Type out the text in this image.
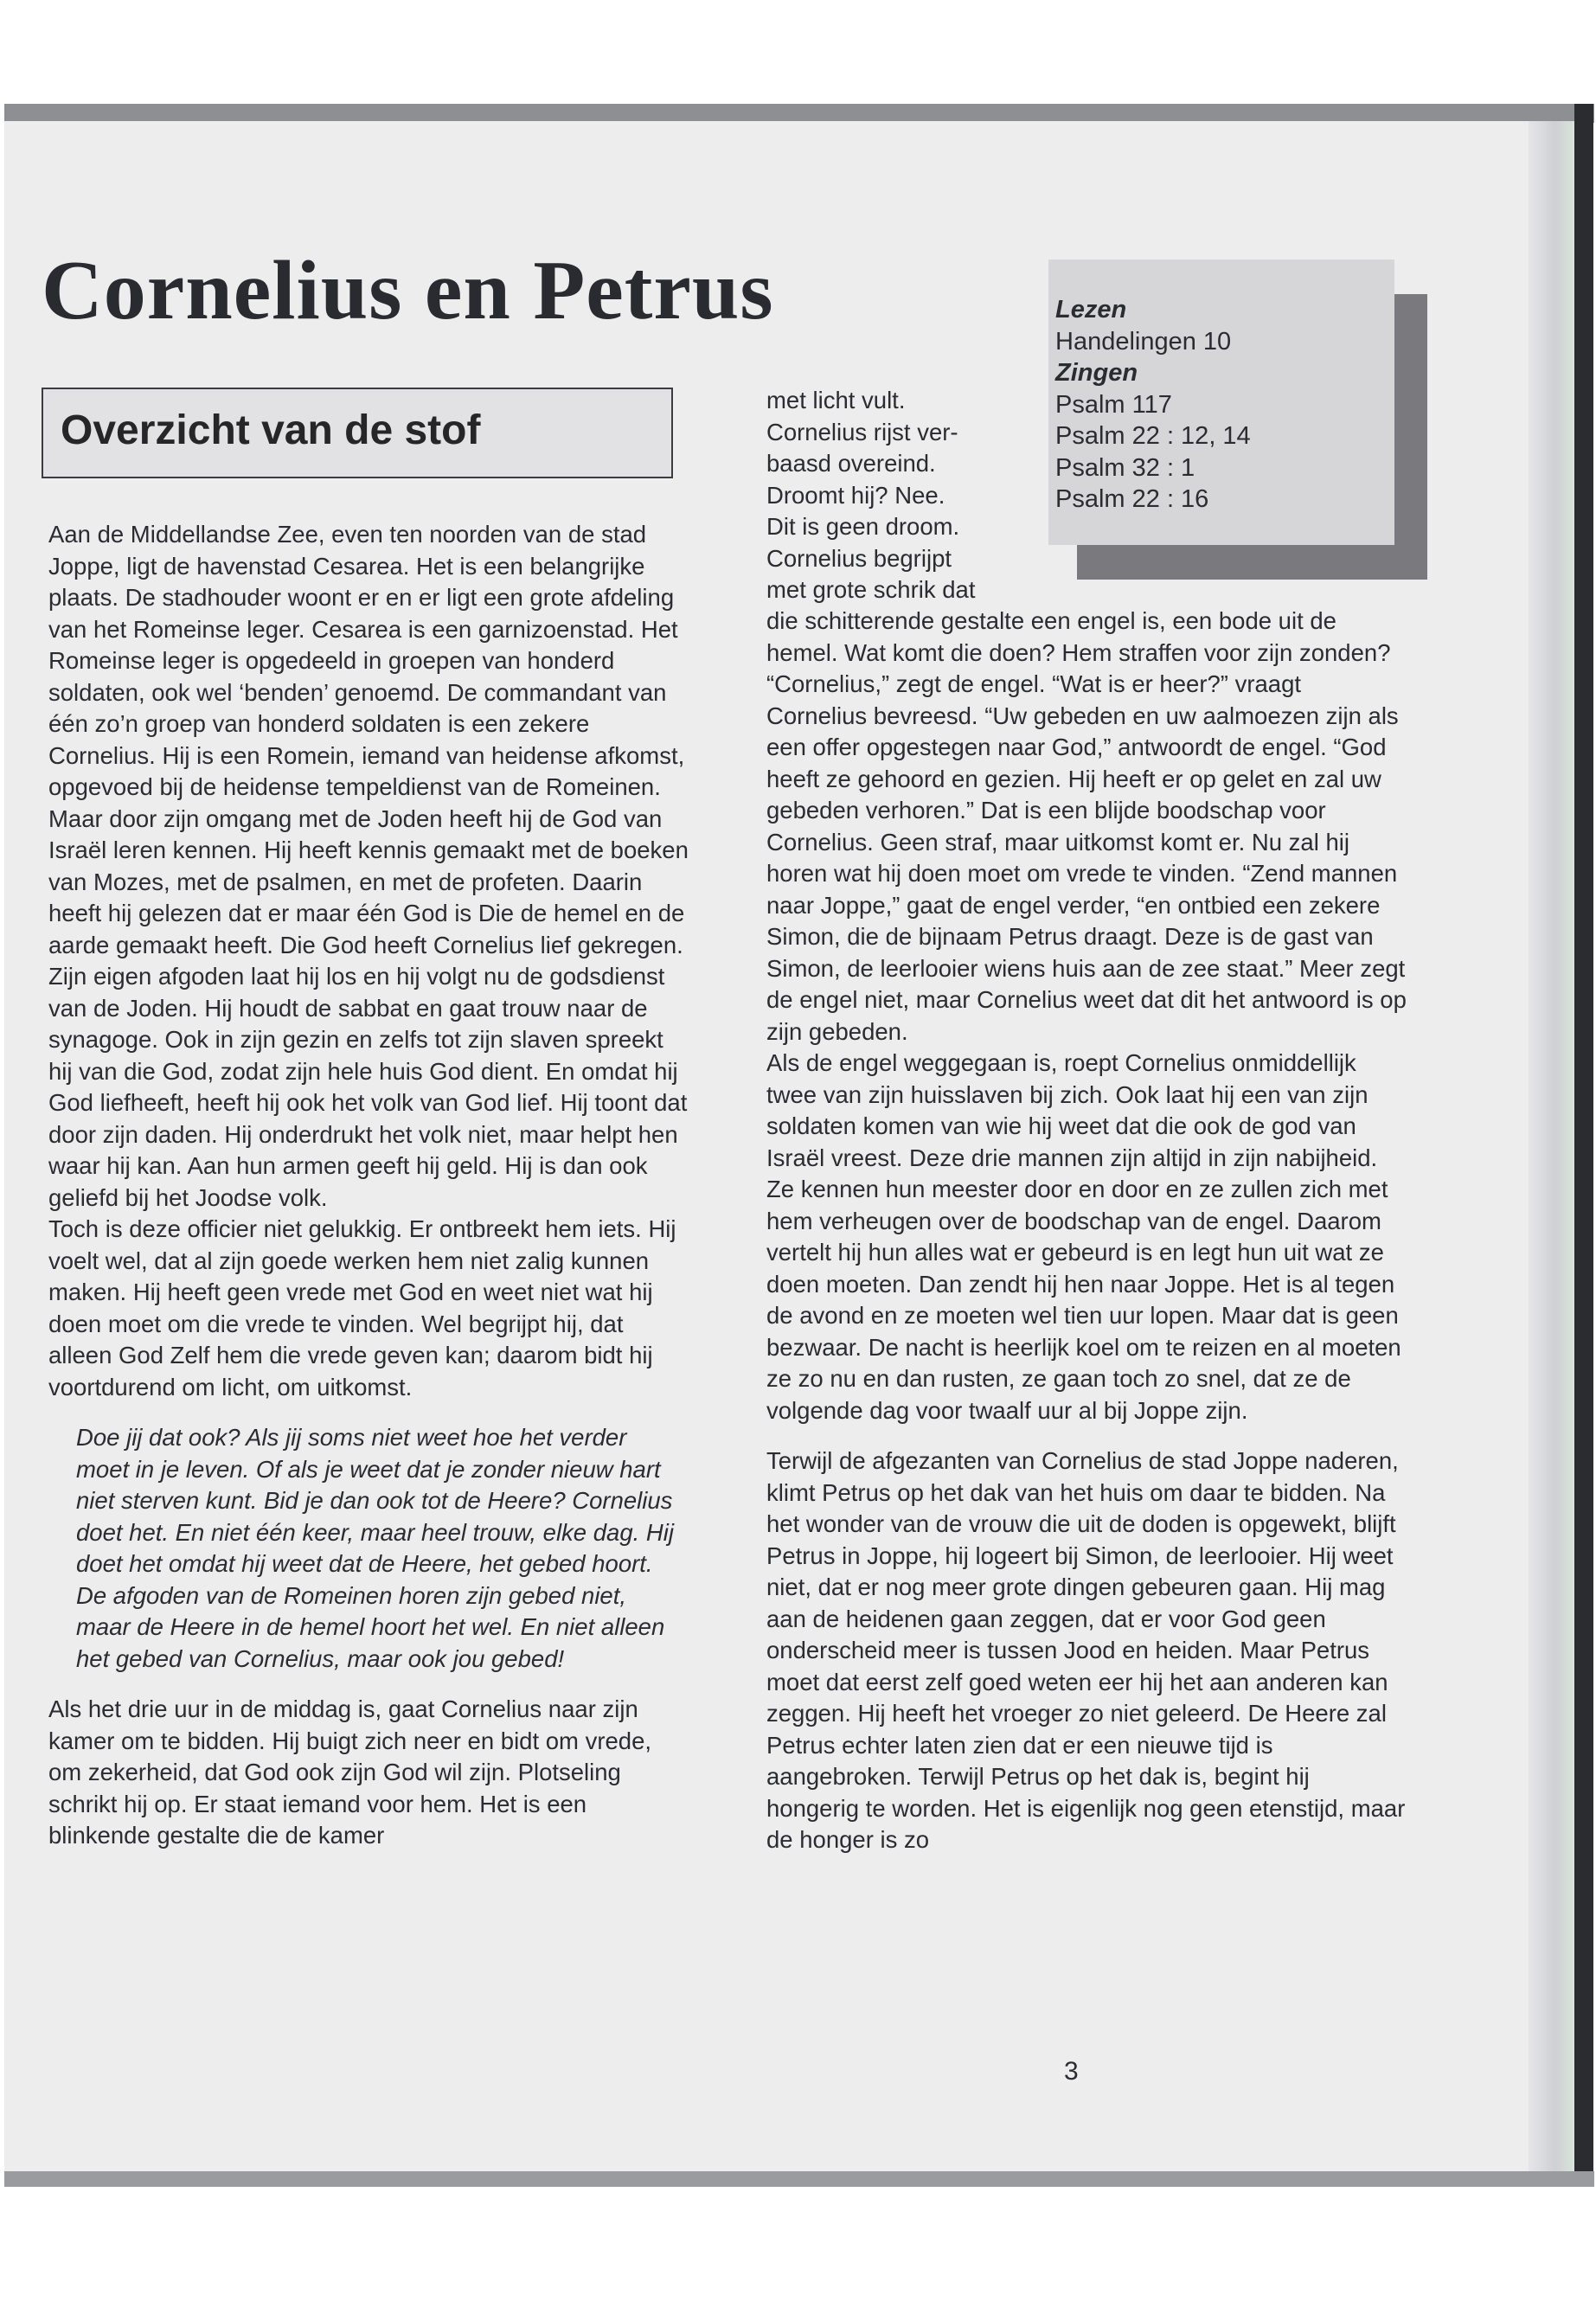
Cornelius en Petrus
Overzicht van de stof

Aan de Middellandse Zee, even ten noorden van de stad Joppe, ligt de havenstad Cesarea. Het is een belangrijke plaats. De stadhouder woont er en er ligt een grote afdeling van het Romeinse leger. Cesarea is een garnizoenstad. Het Romeinse leger is opgedeeld in groepen van honderd soldaten, ook wel ‘benden’ genoemd. De commandant van één zo’n groep van honderd soldaten is een zekere Cornelius. Hij is een Romein, iemand van heidense afkomst, opgevoed bij de heidense tempeldienst van de Romeinen. Maar door zijn omgang met de Joden heeft hij de God van Israël leren kennen. Hij heeft kennis gemaakt met de boeken van Mozes, met de psalmen, en met de profeten. Daarin heeft hij gelezen dat er maar één God is Die de hemel en de aarde gemaakt heeft. Die God heeft Cornelius lief gekregen. Zijn eigen afgoden laat hij los en hij volgt nu de godsdienst van de Joden. Hij houdt de sabbat en gaat trouw naar de synagoge. Ook in zijn gezin en zelfs tot zijn slaven spreekt hij van die God, zodat zijn hele huis God dient. En omdat hij God liefheeft, heeft hij ook het volk van God lief. Hij toont dat door zijn daden. Hij onderdrukt het volk niet, maar helpt hen waar hij kan. Aan hun armen geeft hij geld. Hij is dan ook geliefd bij het Joodse volk.

Toch is deze officier niet gelukkig. Er ontbreekt hem iets. Hij voelt wel, dat al zijn goede werken hem niet zalig kunnen maken. Hij heeft geen vrede met God en weet niet wat hij doen moet om die vrede te vinden. Wel begrijpt hij, dat alleen God Zelf hem die vrede geven kan; daarom bidt hij voortdurend om licht, om uitkomst.

Doe jij dat ook? Als jij soms niet weet hoe het verder moet in je leven. Of als je weet dat je zonder nieuw hart niet sterven kunt. Bid je dan ook tot de Heere? Cornelius doet het. En niet één keer, maar heel trouw, elke dag. Hij doet het omdat hij weet dat de Heere, het gebed hoort. De afgoden van de Romeinen horen zijn gebed niet, maar de Heere in de hemel hoort het wel. En niet alleen het gebed van Cornelius, maar ook jou gebed!

Als het drie uur in de middag is, gaat Cornelius naar zijn kamer om te bidden. Hij buigt zich neer en bidt om vrede, om zekerheid, dat God ook zijn God wil zijn. Plotseling schrikt hij op. Er staat iemand voor hem. Het is een blinkende gestalte die de kamer

Lezen
Handelingen 10
Zingen
Psalm 117
Psalm 22 : 12, 14
Psalm 32 : 1
Psalm 22 : 16

met licht vult.

Cornelius rijst ver-

baasd overeind.

Droomt hij? Nee.

Dit is geen droom.

Cornelius begrijpt

met grote schrik dat

die schitterende gestalte een engel is, een bode uit de hemel. Wat komt die doen? Hem straffen voor zijn zonden?

“Cornelius,” zegt de engel. “Wat is er heer?” vraagt Cornelius bevreesd. “Uw gebeden en uw aalmoezen zijn als een offer opgestegen naar God,” antwoordt de engel. “God heeft ze gehoord en gezien. Hij heeft er op gelet en zal uw gebeden verhoren.” Dat is een blijde boodschap voor Cornelius. Geen straf, maar uitkomst komt er. Nu zal hij horen wat hij doen moet om vrede te vinden. “Zend mannen naar Joppe,” gaat de engel verder, “en ontbied een zekere Simon, die de bijnaam Petrus draagt. Deze is de gast van Simon, de leerlooier wiens huis aan de zee staat.” Meer zegt de engel niet, maar Cornelius weet dat dit het antwoord is op zijn gebeden.

Als de engel weggegaan is, roept Cornelius onmiddellijk twee van zijn huisslaven bij zich. Ook laat hij een van zijn soldaten komen van wie hij weet dat die ook de god van Israël vreest. Deze drie mannen zijn altijd in zijn nabijheid. Ze kennen hun meester door en door en ze zullen zich met hem verheugen over de boodschap van de engel. Daarom vertelt hij hun alles wat er gebeurd is en legt hun uit wat ze doen moeten. Dan zendt hij hen naar Joppe. Het is al tegen de avond en ze moeten wel tien uur lopen. Maar dat is geen bezwaar. De nacht is heerlijk koel om te reizen en al moeten ze zo nu en dan rusten, ze gaan toch zo snel, dat ze de volgende dag voor twaalf uur al bij Joppe zijn.

Terwijl de afgezanten van Cornelius de stad Joppe naderen, klimt Petrus op het dak van het huis om daar te bidden. Na het wonder van de vrouw die uit de doden is opgewekt, blijft Petrus in Joppe, hij logeert bij Simon, de leerlooier. Hij weet niet, dat er nog meer grote dingen gebeuren gaan. Hij mag aan de heidenen gaan zeggen, dat er voor God geen onderscheid meer is tussen Jood en heiden. Maar Petrus moet dat eerst zelf goed weten eer hij het aan anderen kan zeggen. Hij heeft het vroeger zo niet geleerd. De Heere zal Petrus echter laten zien dat er een nieuwe tijd is aangebroken. Terwijl Petrus op het dak is, begint hij hongerig te worden. Het is eigenlijk nog geen etenstijd, maar de honger is zo

3
